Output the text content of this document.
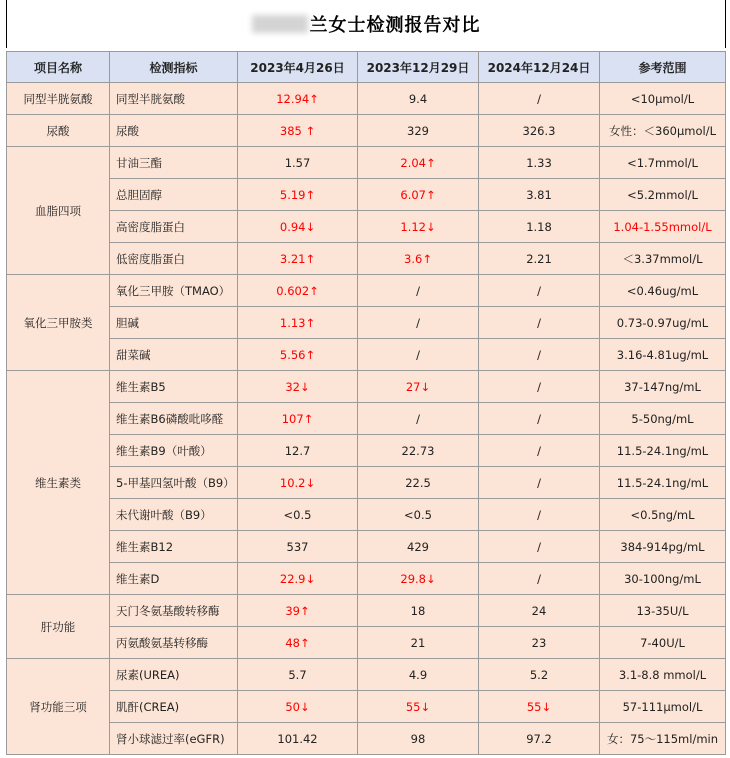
兰女士检测报告对比
项目名称	检测指标	2023年4月26日	2023年12月29日	2024年12月24日	参考范围
同型半胱氨酸	同型半胱氨酸	12.94↑	9.4	/	<10μmol/L
尿酸	尿酸	385 ↑	329	326.3	女性：＜360μmol/L
血脂四项	甘油三酯	1.57	2.04↑	1.33	<1.7mmol/L
	总胆固醇	5.19↑	6.07↑	3.81	<5.2mmol/L
	高密度脂蛋白	0.94↓	1.12↓	1.18	1.04-1.55mmol/L
	低密度脂蛋白	3.21↑	3.6↑	2.21	＜3.37mmol/L
氧化三甲胺类	氧化三甲胺（TMAO）	0.602↑	/	/	<0.46ug/mL
	胆碱	1.13↑	/	/	0.73-0.97ug/mL
	甜菜碱	5.56↑	/	/	3.16-4.81ug/mL
维生素类	维生素B5	32↓	27↓	/	37-147ng/mL
	维生素B6磷酸吡哆醛	107↑	/	/	5-50ng/mL
	维生素B9（叶酸）	12.7	22.73	/	11.5-24.1ng/mL
	5-甲基四氢叶酸（B9）	10.2↓	22.5	/	11.5-24.1ng/mL
	未代谢叶酸（B9）	<0.5	<0.5	/	<0.5ng/mL
	维生素B12	537	429	/	384-914pg/mL
	维生素D	22.9↓	29.8↓	/	30-100ng/mL
肝功能	天门冬氨基酸转移酶	39↑	18	24	13-35U/L
	丙氨酸氨基转移酶	48↑	21	23	7-40U/L
肾功能三项	尿素(UREA)	5.7	4.9	5.2	3.1-8.8 mmol/L
	肌酐(CREA)	50↓	55↓	55↓	57-111μmol/L
	肾小球滤过率(eGFR)	101.42	98	97.2	女：75～115ml/min
